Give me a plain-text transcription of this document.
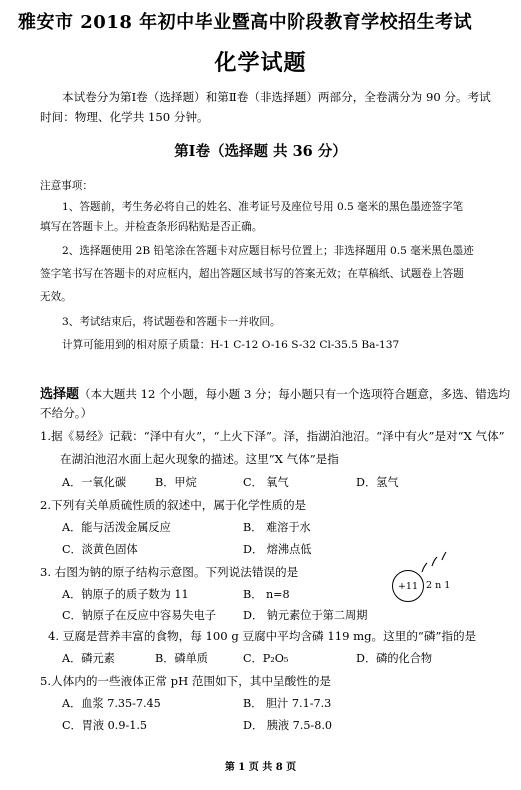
雅安市 2018 年初中毕业暨高中阶段教育学校招生考试
化学试题
本试卷分为第Ⅰ卷（选择题）和第Ⅱ卷（非选择题）两部分，全卷满分为 90 分。考试
时间：物理、化学共 150 分钟。
第Ⅰ卷（选择题 共 36 分）
注意事项：
1、答题前，考生务必将自己的姓名、准考证号及座位号用 0.5 毫米的黑色墨迹签字笔
填写在答题卡上。并检查条形码粘贴是否正确。
2、选择题使用 2B 铅笔涂在答题卡对应题目标号位置上；非选择题用 0.5 毫米黑色墨迹
签字笔书写在答题卡的对应框内，超出答题区域书写的答案无效；在草稿纸、试题卷上答题
无效。
3、考试结束后，将试题卷和答题卡一并收回。
计算可能用到的相对原子质量：H-1 C-12 O-16 S-32 Cl-35.5 Ba-137
选择题（本大题共 12 个小题，每小题 3 分；每小题只有一个选项符合题意，多选、错选均
不给分。）
1.据《易经》记载：“泽中有火”，“上火下泽”。泽，指湖泊池沼。“泽中有火”是对“X 气体”
在湖泊池沼水面上起火现象的描述。这里“X 气体”是指
A．一氧化碳	B．甲烷	C． 氧气	D．氢气
2.下列有关单质硫性质的叙述中，属于化学性质的是
A．能与活泼金属反应	B． 难溶于水
C．淡黄色固体	D． 熔沸点低
3. 右图为钠的原子结构示意图。下列说法错误的是
A．钠原子的质子数为 11	B． n=8
C．钠原子在反应中容易失电子 D． 钠元素位于第二周期
+11 2 n 1
4. 豆腐是营养丰富的食物，每 100 g 豆腐中平均含磷 119 mg。这里的“磷”指的是
A．磷元素	B．磷单质	C．P₂O₅	D．磷的化合物
5.人体内的一些液体正常 pH 范围如下，其中呈酸性的是
A．血浆 7.35-7.45	B． 胆汁 7.1-7.3
C．胃液 0.9-1.5	D． 胰液 7.5-8.0
第 1 页 共 8 页
